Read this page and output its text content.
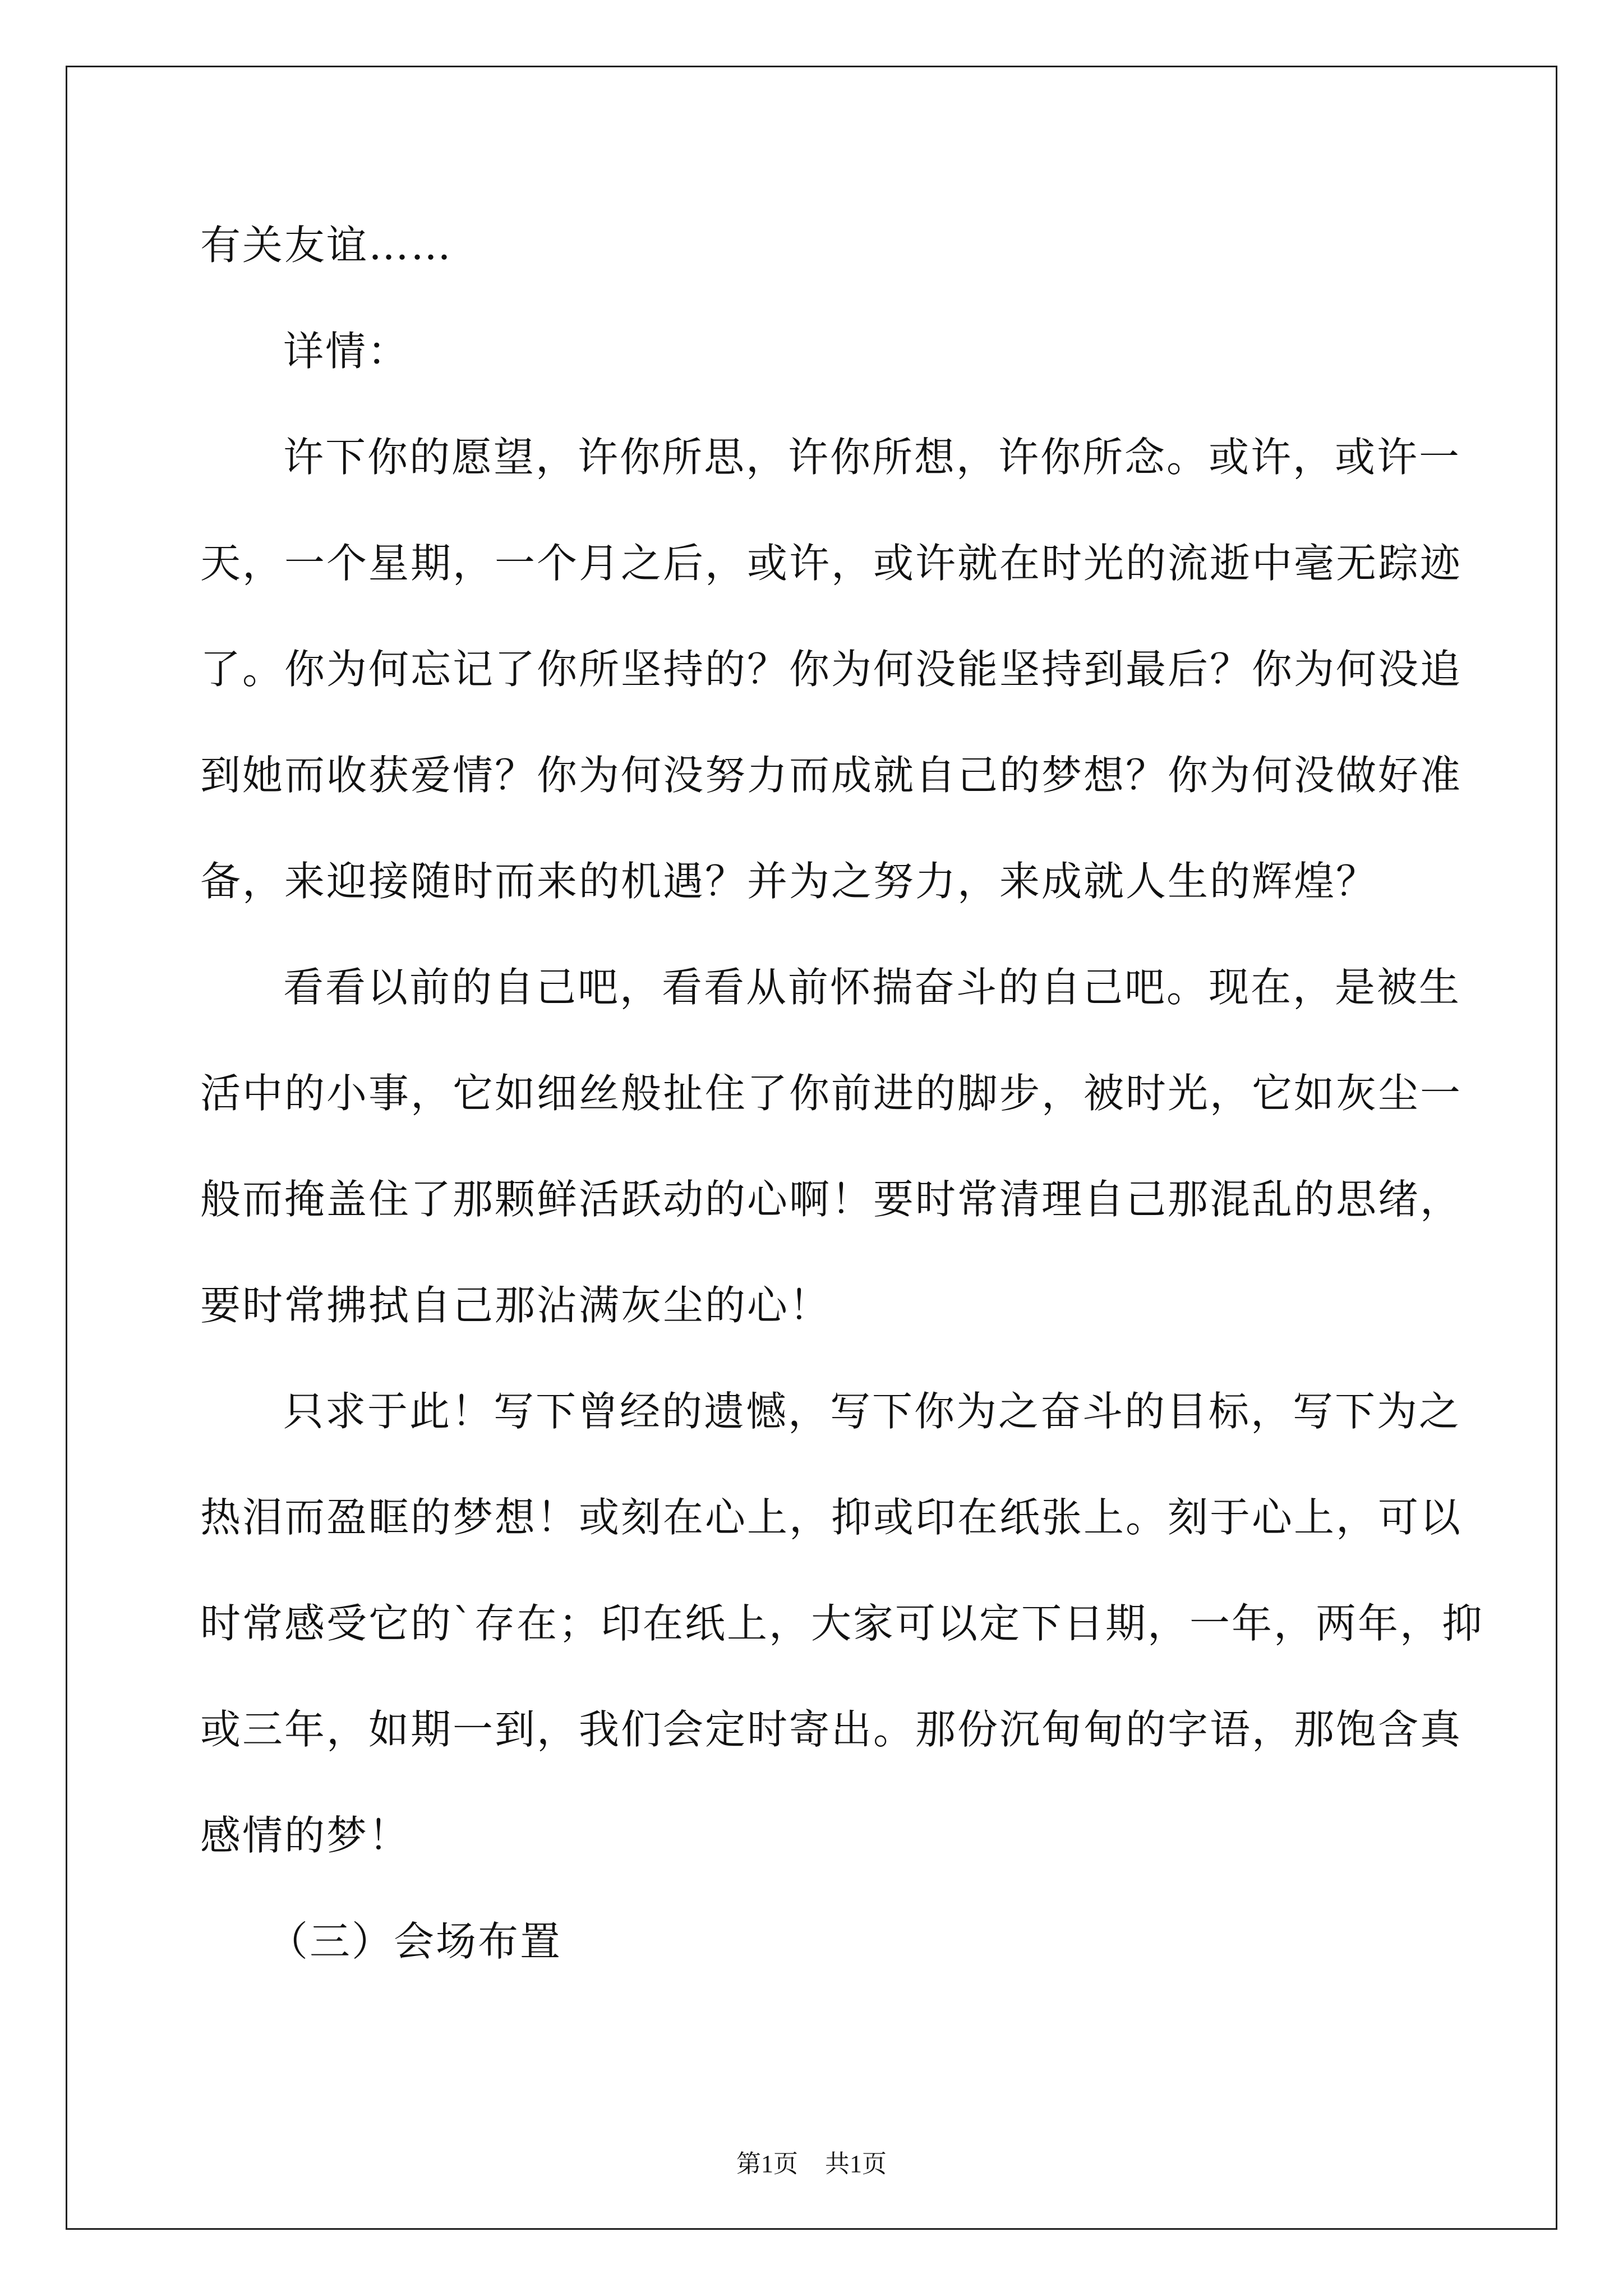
有关友谊……

详情：

许下你的愿望，许你所思，许你所想，许你所念。或许，或许一

天，一个星期，一个月之后，或许，或许就在时光的流逝中毫无踪迹

了。你为何忘记了你所坚持的？你为何没能坚持到最后？你为何没追

到她而收获爱情？你为何没努力而成就自己的梦想？你为何没做好准

备，来迎接随时而来的机遇？并为之努力，来成就人生的辉煌？

看看以前的自己吧，看看从前怀揣奋斗的自己吧。现在，是被生

活中的小事，它如细丝般扯住了你前进的脚步，被时光，它如灰尘一

般而掩盖住了那颗鲜活跃动的心啊！要时常清理自己那混乱的思绪，

要时常拂拭自己那沾满灰尘的心！

只求于此！写下曾经的遗憾，写下你为之奋斗的目标，写下为之

热泪而盈眶的梦想！或刻在心上，抑或印在纸张上。刻于心上，可以

时常感受它的`存在；印在纸上，大家可以定下日期，一年，两年，抑

或三年，如期一到，我们会定时寄出。那份沉甸甸的字语，那饱含真

感情的梦！

（三）会场布置

第1页 共1页
